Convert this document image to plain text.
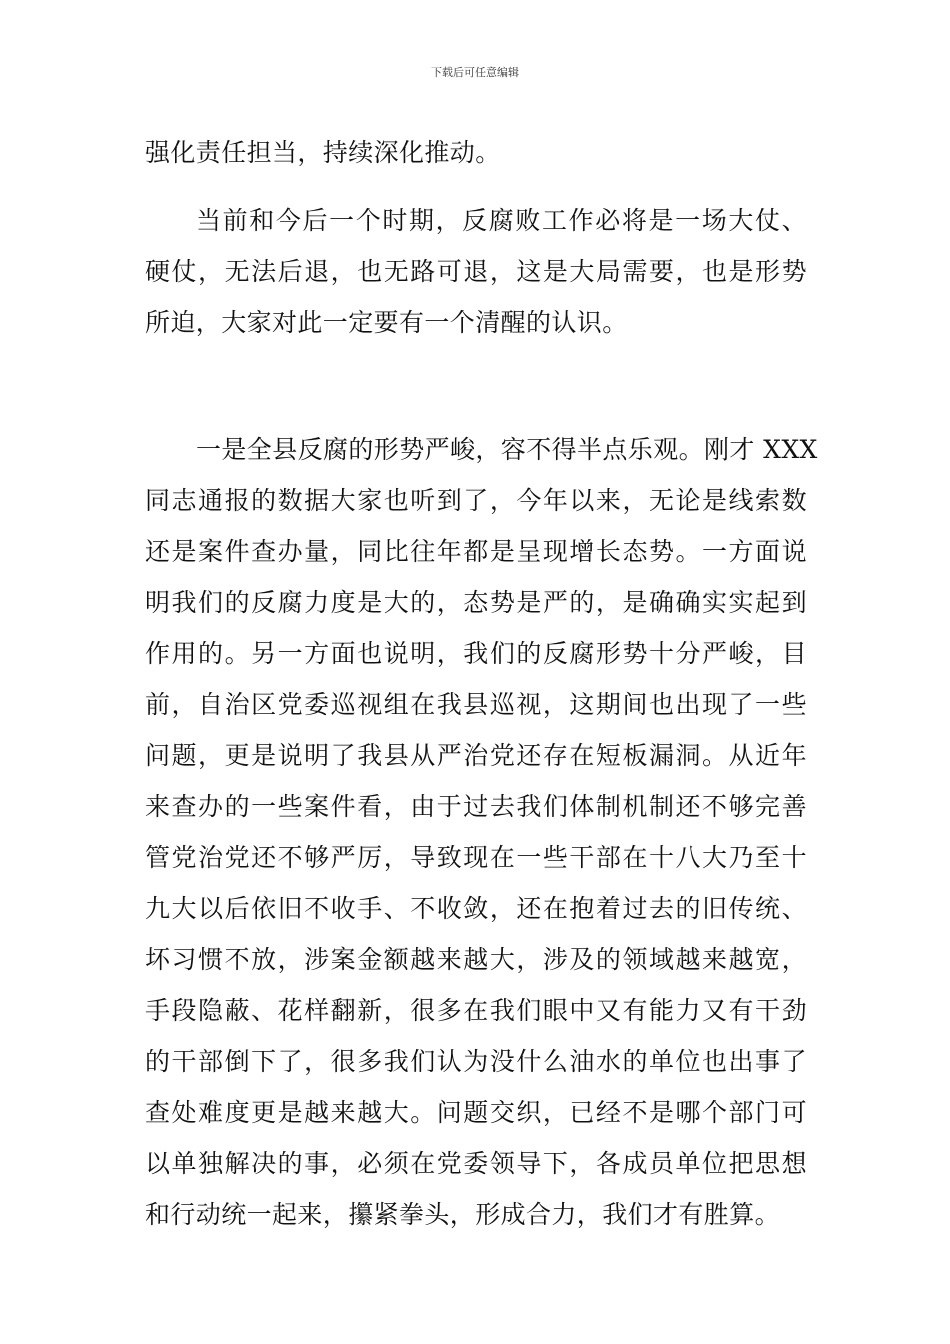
下载后可任意编辑
强化责任担当，持续深化推动。
当前和今后一个时期，反腐败工作必将是一场大仗、
硬仗，无法后退，也无路可退，这是大局需要，也是形势
所迫，大家对此一定要有一个清醒的认识。
一是全县反腐的形势严峻，容不得半点乐观。刚才 XXX
同志通报的数据大家也听到了，今年以来，无论是线索数
还是案件查办量，同比往年都是呈现增长态势。一方面说
明我们的反腐力度是大的，态势是严的，是确确实实起到
作用的。另一方面也说明，我们的反腐形势十分严峻，目
前，自治区党委巡视组在我县巡视，这期间也出现了一些
问题，更是说明了我县从严治党还存在短板漏洞。从近年
来查办的一些案件看，由于过去我们体制机制还不够完善
管党治党还不够严厉，导致现在一些干部在十八大乃至十
九大以后依旧不收手、不收敛，还在抱着过去的旧传统、
坏习惯不放，涉案金额越来越大，涉及的领域越来越宽，
手段隐蔽、花样翻新，很多在我们眼中又有能力又有干劲
的干部倒下了，很多我们认为没什么油水的单位也出事了
查处难度更是越来越大。问题交织，已经不是哪个部门可
以单独解决的事，必须在党委领导下，各成员单位把思想
和行动统一起来，攥紧拳头，形成合力，我们才有胜算。
